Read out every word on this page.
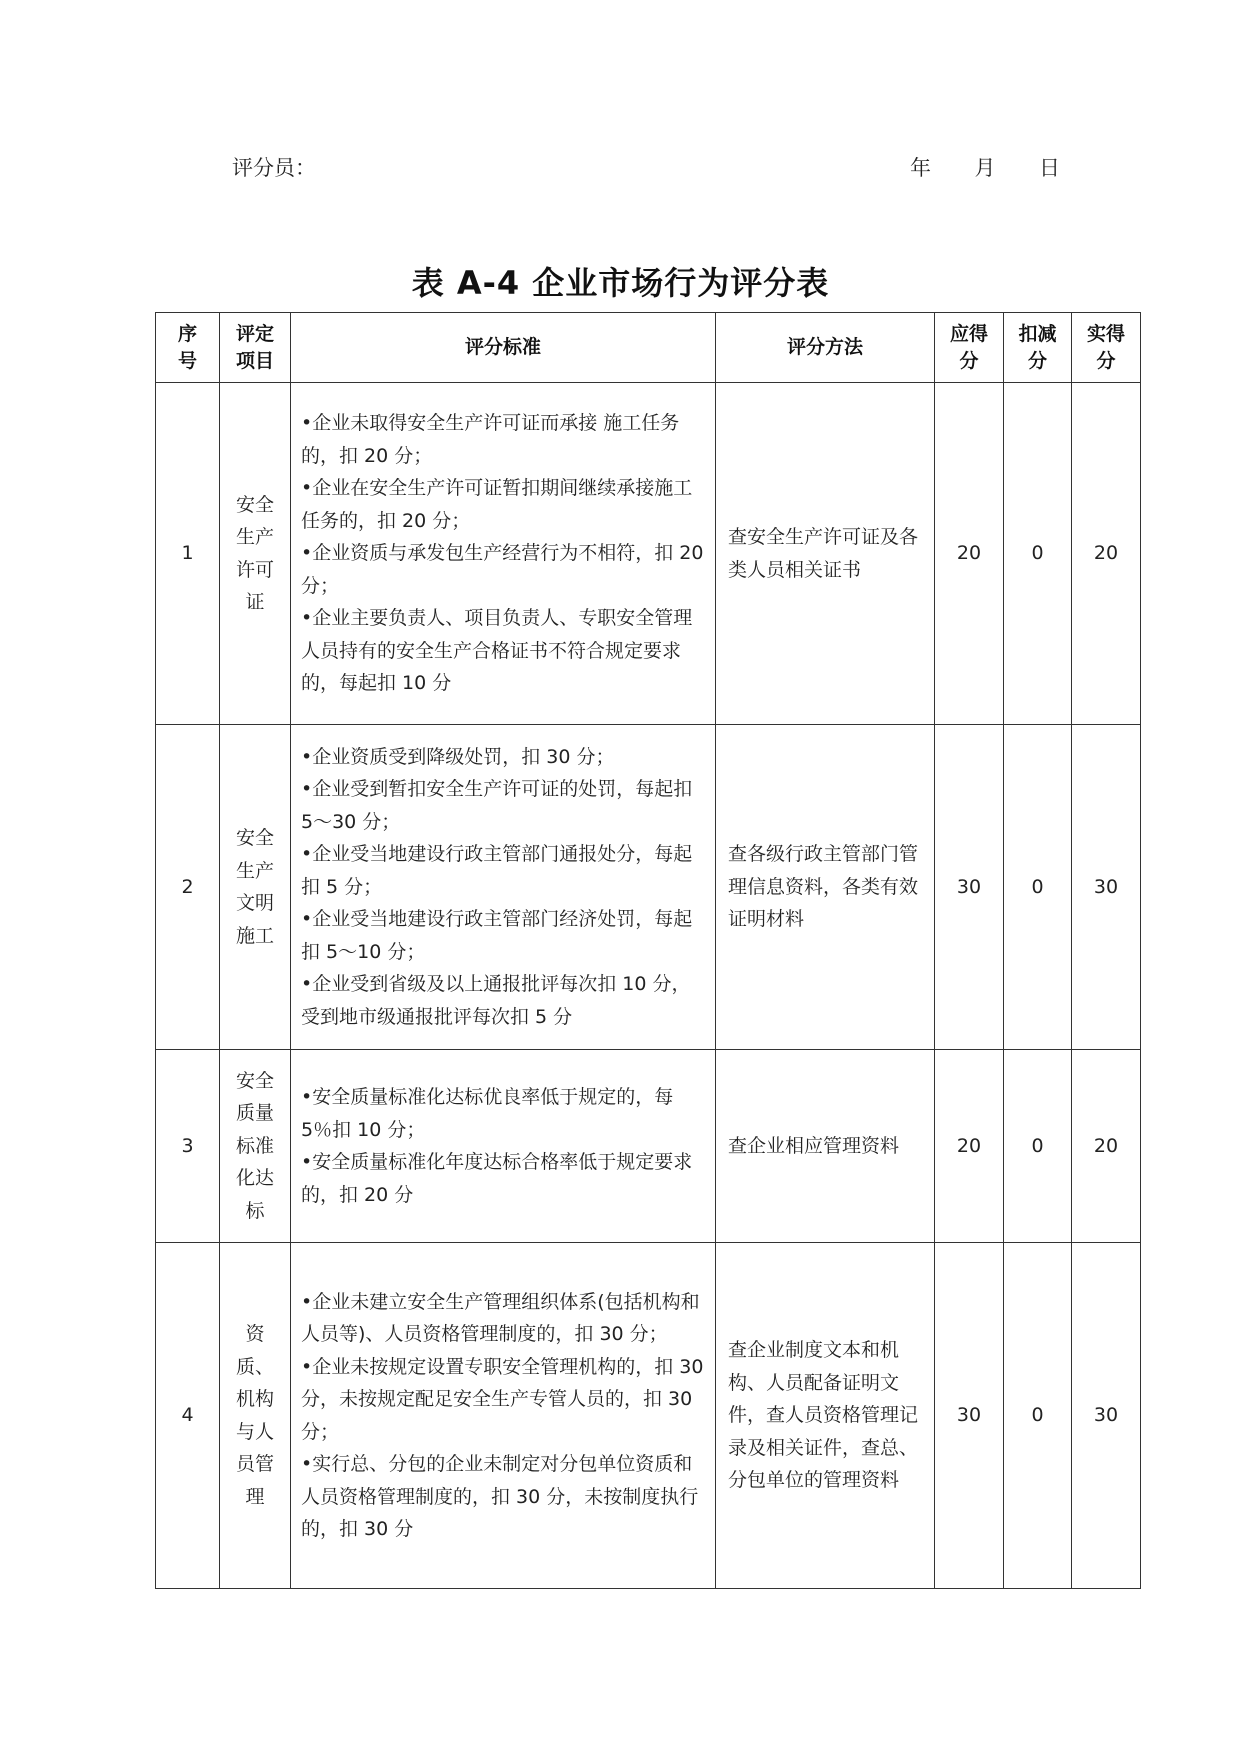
评分员：	年 月 日
表 A-4 企业市场行为评分表
序号	评定项目	评分标准	评分方法	应得分	扣减分	实得分
1	安全生产许可证	•企业未取得安全生产许可证而承接 施工任务的，扣 20 分；
•企业在安全生产许可证暂扣期间继续承接施工任务的，扣 20 分；
•企业资质与承发包生产经营行为不相符，扣 20 分；
•企业主要负责人、项目负责人、专职安全管理人员持有的安全生产合格证书不符合规定要求的，每起扣 10 分	查安全生产许可证及各类人员相关证书	20	0	20
2	安全生产文明施工	•企业资质受到降级处罚，扣 30 分；
•企业受到暂扣安全生产许可证的处罚，每起扣 5～30 分；
•企业受当地建设行政主管部门通报处分，每起扣 5 分；
•企业受当地建设行政主管部门经济处罚，每起扣 5～10 分；
•企业受到省级及以上通报批评每次扣 10 分，受到地市级通报批评每次扣 5 分	查各级行政主管部门管理信息资料，各类有效证明材料	30	0	30
3	安全质量标准化达标	•安全质量标准化达标优良率低于规定的，每 5％扣 10 分；
•安全质量标准化年度达标合格率低于规定要求的，扣 20 分	查企业相应管理资料	20	0	20
4	资质、机构与人员管理	•企业未建立安全生产管理组织体系(包括机构和人员等)、人员资格管理制度的，扣 30 分；
•企业未按规定设置专职安全管理机构的，扣 30 分，未按规定配足安全生产专管人员的，扣 30 分；
•实行总、分包的企业未制定对分包单位资质和人员资格管理制度的，扣 30 分，未按制度执行的，扣 30 分	查企业制度文本和机构、人员配备证明文件，查人员资格管理记录及相关证件，查总、分包单位的管理资料	30	0	30
